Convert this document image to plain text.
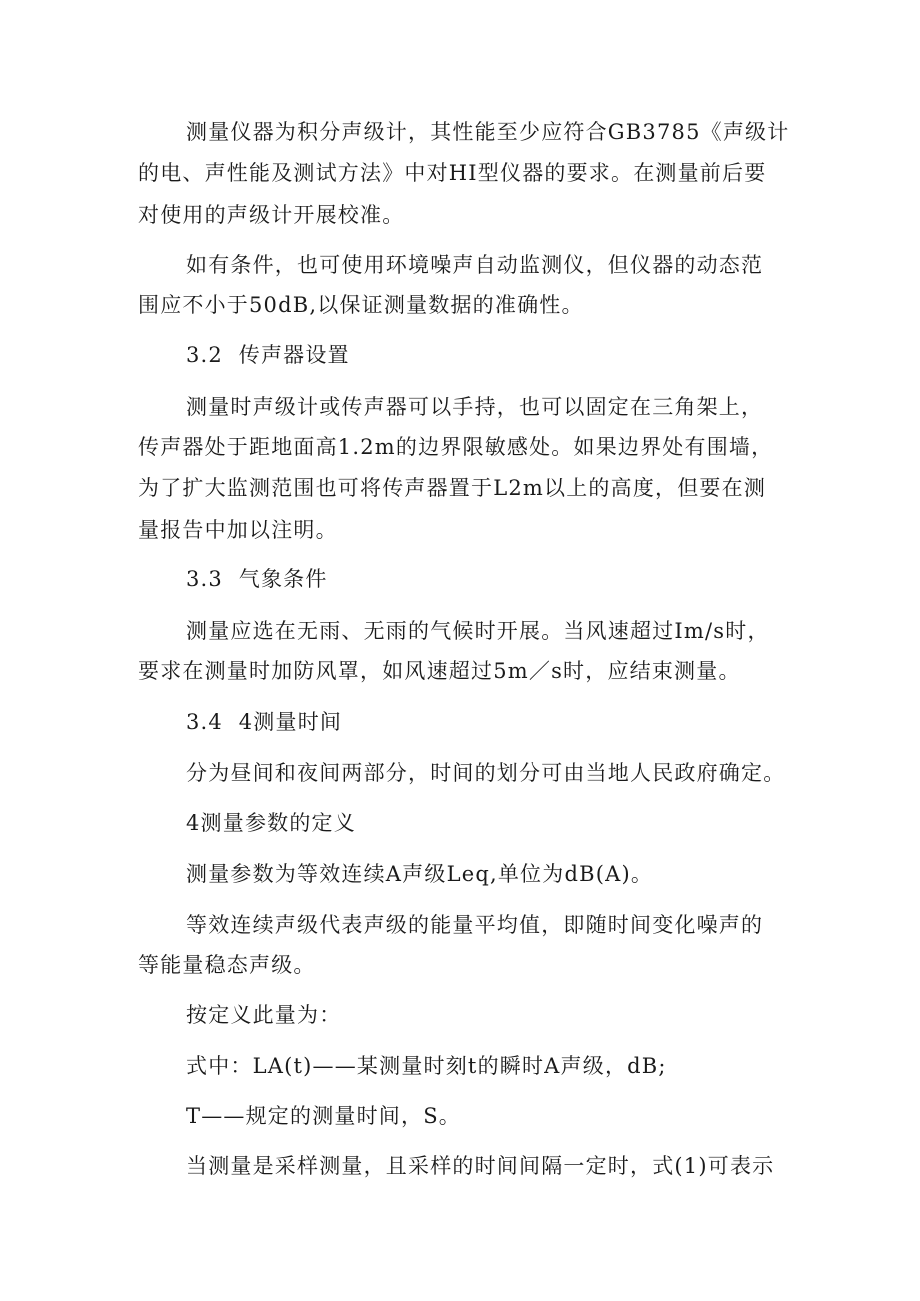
测量仪器为积分声级计，其性能至少应符合GB3785《声级计
的电、声性能及测试方法》中对HI型仪器的要求。在测量前后要
对使用的声级计开展校准。
如有条件，也可使用环境噪声自动监测仪，但仪器的动态范
围应不小于50dB,以保证测量数据的准确性。
3.2  传声器设置
测量时声级计或传声器可以手持，也可以固定在三角架上，
传声器处于距地面高1.2m的边界限敏感处。如果边界处有围墙，
为了扩大监测范围也可将传声器置于L2m以上的高度，但要在测
量报告中加以注明。
3.3  气象条件
测量应选在无雨、无雨的气候时开展。当风速超过Im/s时，
要求在测量时加防风罩，如风速超过5m／s时，应结束测量。
3.4  4测量时间
分为昼间和夜间两部分，时间的划分可由当地人民政府确定。
4测量参数的定义
测量参数为等效连续A声级Leq,单位为dB(A)。
等效连续声级代表声级的能量平均值，即随时间变化噪声的
等能量稳态声级。
按定义此量为：
式中：LA(t)——某测量时刻t的瞬时A声级，dB;
T——规定的测量时间，S。
当测量是采样测量，且采样的时间间隔一定时，式(1)可表示
